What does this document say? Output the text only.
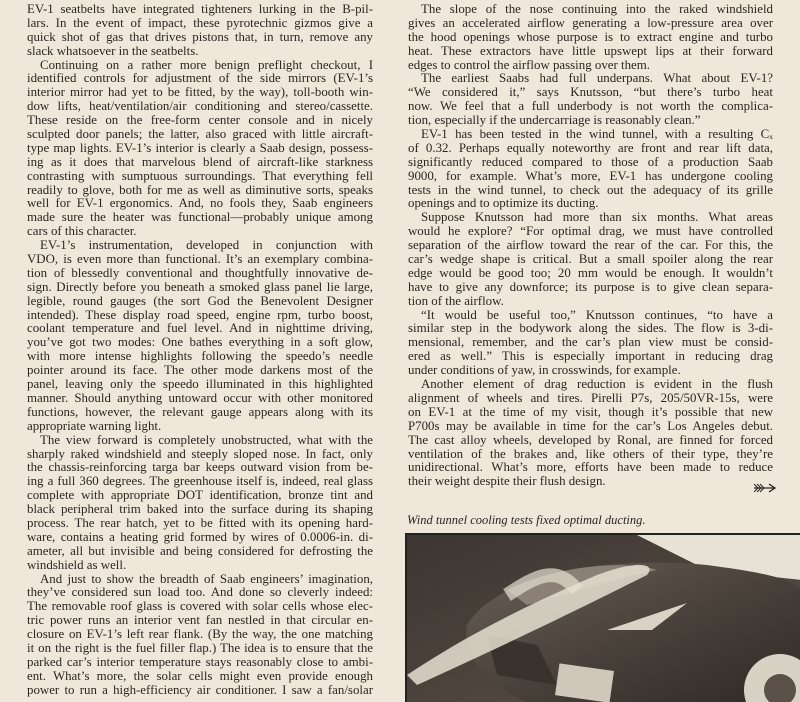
EV-1 seatbelts have integrated tighteners lurking in the B-pil-
lars. In the event of impact, these pyrotechnic gizmos give a
quick shot of gas that drives pistons that, in turn, remove any
slack whatsoever in the seatbelts.
Continuing on a rather more benign preflight checkout, I
identified controls for adjustment of the side mirrors (EV-1’s
interior mirror had yet to be fitted, by the way), toll-booth win-
dow lifts, heat/ventilation/air conditioning and stereo/cassette.
These reside on the free-form center console and in nicely
sculpted door panels; the latter, also graced with little aircraft-
type map lights. EV-1’s interior is clearly a Saab design, possess-
ing as it does that marvelous blend of aircraft-like starkness
contrasting with sumptuous surroundings. That everything fell
readily to glove, both for me as well as diminutive sorts, speaks
well for EV-1 ergonomics. And, no fools they, Saab engineers
made sure the heater was functional—probably unique among
cars of this character.
EV-1’s instrumentation, developed in conjunction with
VDO, is even more than functional. It’s an exemplary combina-
tion of blessedly conventional and thoughtfully innovative de-
sign. Directly before you beneath a smoked glass panel lie large,
legible, round gauges (the sort God the Benevolent Designer
intended). These display road speed, engine rpm, turbo boost,
coolant temperature and fuel level. And in nighttime driving,
you’ve got two modes: One bathes everything in a soft glow,
with more intense highlights following the speedo’s needle
pointer around its face. The other mode darkens most of the
panel, leaving only the speedo illuminated in this highlighted
manner. Should anything untoward occur with other monitored
functions, however, the relevant gauge appears along with its
appropriate warning light.
The view forward is completely unobstructed, what with the
sharply raked windshield and steeply sloped nose. In fact, only
the chassis-reinforcing targa bar keeps outward vision from be-
ing a full 360 degrees. The greenhouse itself is, indeed, real glass
complete with appropriate DOT identification, bronze tint and
black peripheral trim baked into the surface during its shaping
process. The rear hatch, yet to be fitted with its opening hard-
ware, contains a heating grid formed by wires of 0.0006-in. di-
ameter, all but invisible and being considered for defrosting the
windshield as well.
And just to show the breadth of Saab engineers’ imagination,
they’ve considered sun load too. And done so cleverly indeed:
The removable roof glass is covered with solar cells whose elec-
tric power runs an interior vent fan nestled in that circular en-
closure on EV-1’s left rear flank. (By the way, the one matching
it on the right is the fuel filler flap.) The idea is to ensure that the
parked car’s interior temperature stays reasonably close to ambi-
ent. What’s more, the solar cells might even provide enough
power to run a high-efficiency air conditioner. I saw a fan/solar
The slope of the nose continuing into the raked windshield
gives an accelerated airflow generating a low-pressure area over
the hood openings whose purpose is to extract engine and turbo
heat. These extractors have little upswept lips at their forward
edges to control the airflow passing over them.
The earliest Saabs had full underpans. What about EV-1?
“We considered it,” says Knutsson, “but there’s turbo heat
now. We feel that a full underbody is not worth the complica-
tion, especially if the undercarriage is reasonably clean.”
EV-1 has been tested in the wind tunnel, with a resulting Cₓ
of 0.32. Perhaps equally noteworthy are front and rear lift data,
significantly reduced compared to those of a production Saab
9000, for example. What’s more, EV-1 has undergone cooling
tests in the wind tunnel, to check out the adequacy of its grille
openings and to optimize its ducting.
Suppose Knutsson had more than six months. What areas
would he explore? “For optimal drag, we must have controlled
separation of the airflow toward the rear of the car. For this, the
car’s wedge shape is critical. But a small spoiler along the rear
edge would be good too; 20 mm would be enough. It wouldn’t
have to give any downforce; its purpose is to give clean separa-
tion of the airflow.
“It would be useful too,” Knutsson continues, “to have a
similar step in the bodywork along the sides. The flow is 3-di-
mensional, remember, and the car’s plan view must be consid-
ered as well.” This is especially important in reducing drag
under conditions of yaw, in crosswinds, for example.
Another element of drag reduction is evident in the flush
alignment of wheels and tires. Pirelli P7s, 205/50VR-15s, were
on EV-1 at the time of my visit, though it’s possible that new
P700s may be available in time for the car’s Los Angeles debut.
The cast alloy wheels, developed by Ronal, are finned for forced
ventilation of the brakes and, like others of their type, they’re
unidirectional. What’s more, efforts have been made to reduce
their weight despite their flush design.
Wind tunnel cooling tests fixed optimal ducting.
